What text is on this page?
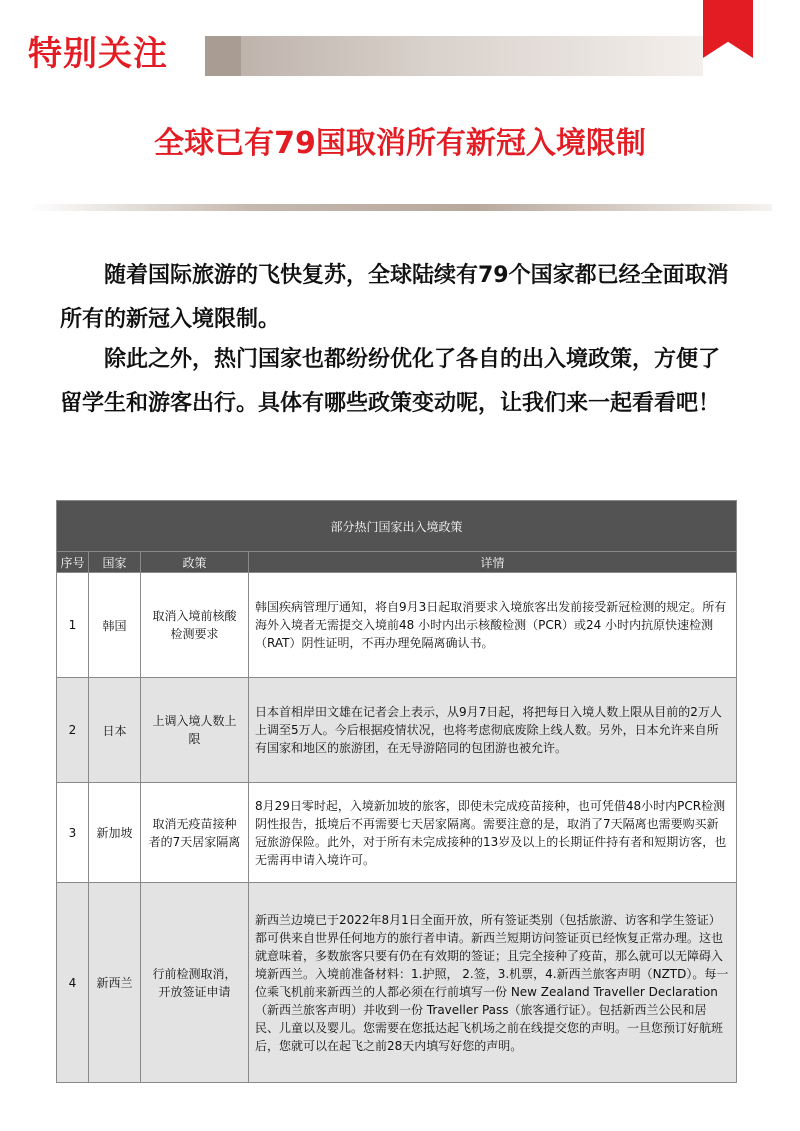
特别关注
全球已有79国取消所有新冠入境限制

随着国际旅游的飞快复苏，全球陆续有79个国家都已经全面取消所有的新冠入境限制。

除此之外，热门国家也都纷纷优化了各自的出入境政策，方便了留学生和游客出行。具体有哪些政策变动呢，让我们来一起看看吧！

部分热门国家出入境政策			
序号	国家	政策	详情
1	韩国	取消入境前核酸检测要求	韩国疾病管理厅通知，将自9月3日起取消要求入境旅客出发前接受新冠检测的规定。所有海外入境者无需提交入境前48 小时内出示核酸检测（PCR）或24 小时内抗原快速检测（RAT）阴性证明，不再办理免隔离确认书。
2	日本	上调入境人数上限	日本首相岸田文雄在记者会上表示，从9月7日起，将把每日入境人数上限从目前的2万人上调至5万人。今后根据疫情状况，也将考虑彻底废除上线人数。另外，日本允许来自所有国家和地区的旅游团，在无导游陪同的包团游也被允许。
3	新加坡	取消无疫苗接种者的7天居家隔离	8月29日零时起，入境新加坡的旅客，即使未完成疫苗接种，也可凭借48小时内PCR检测阴性报告，抵境后不再需要七天居家隔离。需要注意的是，取消了7天隔离也需要购买新冠旅游保险。此外，对于所有未完成接种的13岁及以上的长期证件持有者和短期访客，也无需再申请入境许可。
4	新西兰	行前检测取消，开放签证申请	新西兰边境已于2022年8月1日全面开放，所有签证类别（包括旅游、访客和学生签证）都可供来自世界任何地方的旅行者申请。新西兰短期访问签证页已经恢复正常办理。这也就意味着，多数旅客只要有仍在有效期的签证；且完全接种了疫苗，那么就可以无障碍入境新西兰。入境前准备材料：1.护照， 2.签，3.机票，4.新西兰旅客声明（NZTD）。每一位乘飞机前来新西兰的人都必须在行前填写一份 New Zealand Traveller Declaration（新西兰旅客声明）并收到一份 Traveller Pass（旅客通行证）。包括新西兰公民和居民、儿童以及婴儿。您需要在您抵达起飞机场之前在线提交您的声明。一旦您预订好航班后，您就可以在起飞之前28天内填写好您的声明。
